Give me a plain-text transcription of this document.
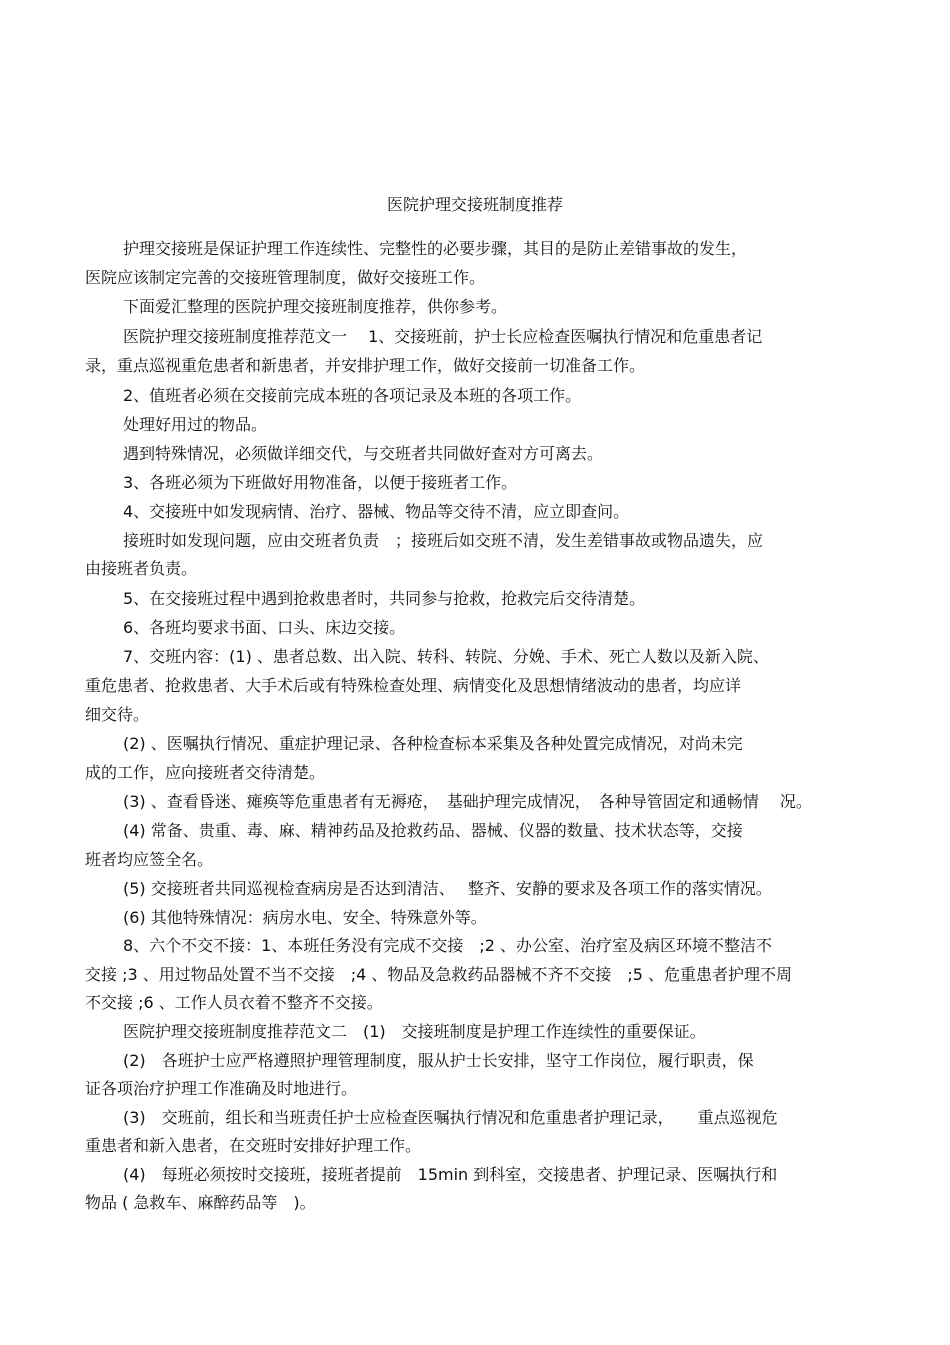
医院护理交接班制度推荐
护理交接班是保证护理工作连续性、完整性的必要步骤，其目的是防止差错事故的发生，
医院应该制定完善的交接班管理制度，做好交接班工作。
下面爱汇整理的医院护理交接班制度推荐，供你参考。
医院护理交接班制度推荐范文一　 1、交接班前，护士长应检查医嘱执行情况和危重患者记
录，重点巡视重危患者和新患者，并安排护理工作，做好交接前一切准备工作。
2、值班者必须在交接前完成本班的各项记录及本班的各项工作。
处理好用过的物品。
遇到特殊情况，必须做详细交代，与交班者共同做好查对方可离去。
3、各班必须为下班做好用物准备，以便于接班者工作。
4、交接班中如发现病情、治疗、器械、物品等交待不清，应立即查问。
接班时如发现问题，应由交班者负责　；接班后如交班不清，发生差错事故或物品遗失，应
由接班者负责。
5、在交接班过程中遇到抢救患者时，共同参与抢救，抢救完后交待清楚。
6、各班均要求书面、口头、床边交接。
7、交班内容：(1) 、患者总数、出入院、转科、转院、分娩、手术、死亡人数以及新入院、
重危患者、抢救患者、大手术后或有特殊检查处理、病情变化及思想情绪波动的患者，均应详
细交待。
(2) 、医嘱执行情况、重症护理记录、各种检查标本采集及各种处置完成情况，对尚未完
成的工作，应向接班者交待清楚。
(3) 、查看昏迷、瘫痪等危重患者有无褥疮，　基础护理完成情况，　各种导管固定和通畅情　 况。
(4) 常备、贵重、毒、麻、精神药品及抢救药品、器械、仪器的数量、技术状态等，交接
班者均应签全名。
(5) 交接班者共同巡视检查病房是否达到清洁、　 整齐、安静的要求及各项工作的落实情况。
(6) 其他特殊情况：病房水电、安全、特殊意外等。
8、六个不交不接：1、本班任务没有完成不交接　;2 、办公室、治疗室及病区环境不整洁不
交接 ;3 、用过物品处置不当不交接　;4 、物品及急救药品器械不齐不交接　;5 、危重患者护理不周
不交接 ;6 、工作人员衣着不整齐不交接。
医院护理交接班制度推荐范文二　(1)　交接班制度是护理工作连续性的重要保证。
(2)　各班护士应严格遵照护理管理制度，服从护士长安排，坚守工作岗位，履行职责，保
证各项治疗护理工作准确及时地进行。
(3)　交班前，组长和当班责任护士应检查医嘱执行情况和危重患者护理记录，　　重点巡视危
重患者和新入患者，在交班时安排好护理工作。
(4)　每班必须按时交接班，接班者提前　15min 到科室，交接患者、护理记录、医嘱执行和
物品 ( 急救车、麻醉药品等　)。
